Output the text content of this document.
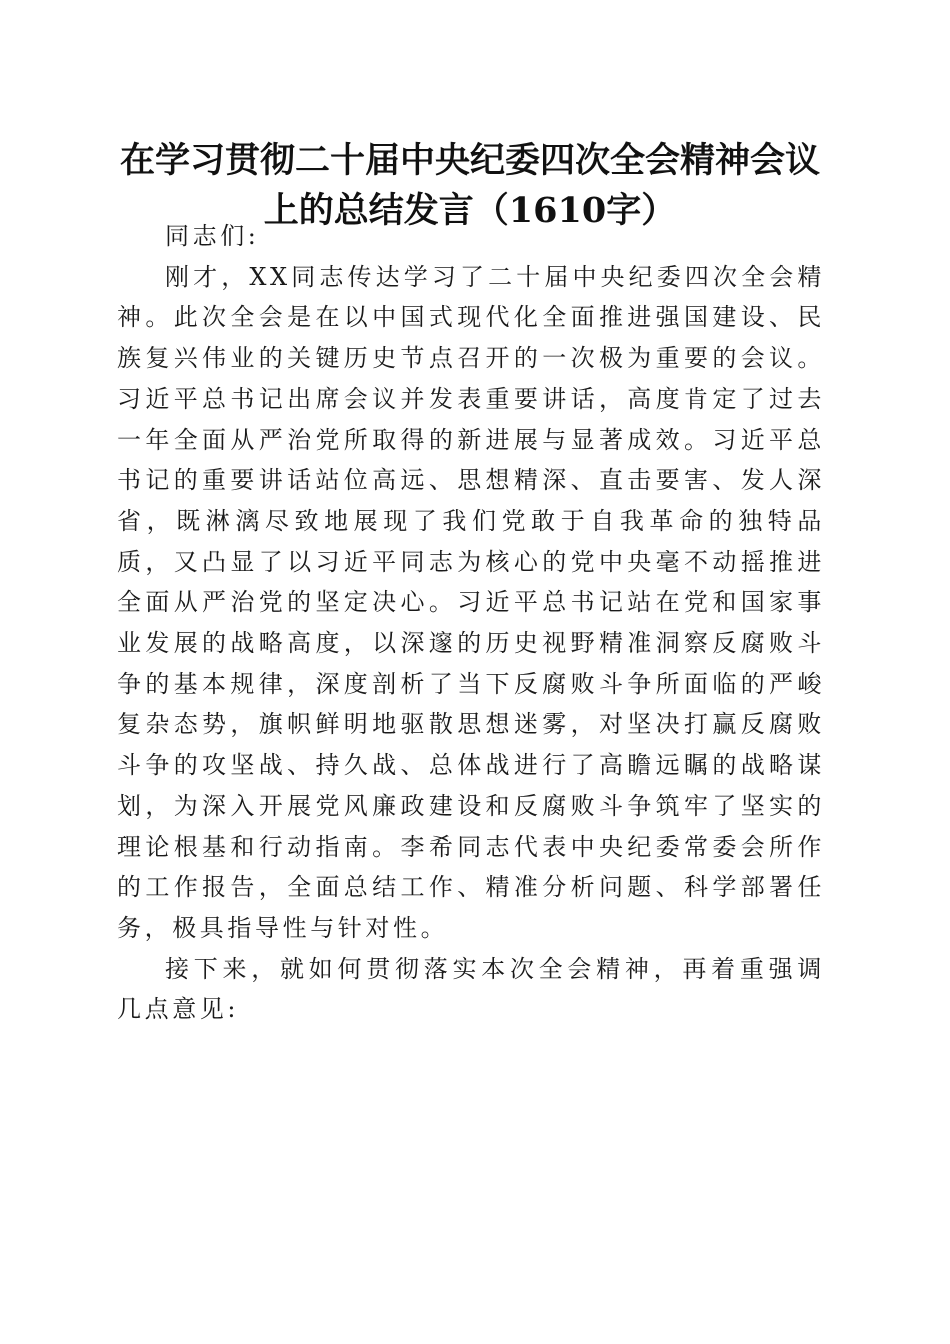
在学习贯彻二十届中央纪委四次全会精神会议上的总结发言（1610字）

同志们:

刚才，XX同志传达学习了二十届中央纪委四次全会精神。此次全会是在以中国式现代化全面推进强国建设、民族复兴伟业的关键历史节点召开的一次极为重要的会议。习近平总书记出席会议并发表重要讲话，高度肯定了过去一年全面从严治党所取得的新进展与显著成效。习近平总书记的重要讲话站位高远、思想精深、直击要害、发人深省，既淋漓尽致地展现了我们党敢于自我革命的独特品质，又凸显了以习近平同志为核心的党中央毫不动摇推进全面从严治党的坚定决心。习近平总书记站在党和国家事业发展的战略高度，以深邃的历史视野精准洞察反腐败斗争的基本规律，深度剖析了当下反腐败斗争所面临的严峻复杂态势，旗帜鲜明地驱散思想迷雾，对坚决打赢反腐败斗争的攻坚战、持久战、总体战进行了高瞻远瞩的战略谋划，为深入开展党风廉政建设和反腐败斗争筑牢了坚实的理论根基和行动指南。李希同志代表中央纪委常委会所作的工作报告，全面总结工作、精准分析问题、科学部署任务，极具指导性与针对性。

接下来，就如何贯彻落实本次全会精神，再着重强调几点意见:
